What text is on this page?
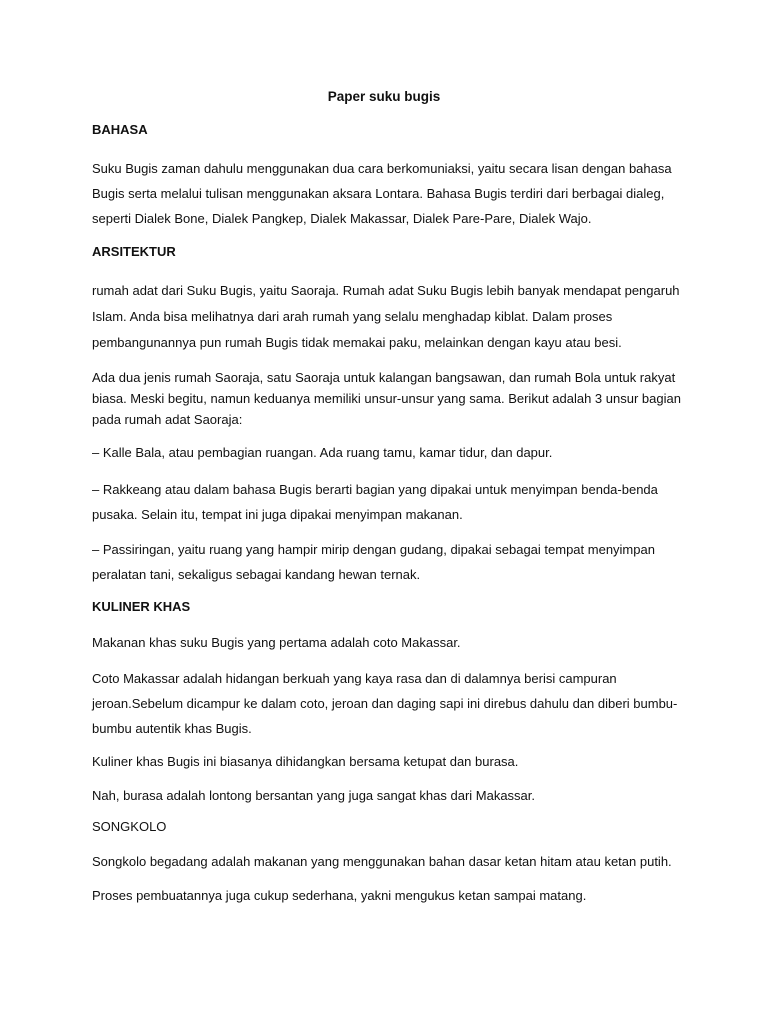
Paper suku bugis
BAHASA

Suku Bugis zaman dahulu menggunakan dua cara berkomuniaksi, yaitu secara lisan dengan bahasa Bugis serta melalui tulisan menggunakan aksara Lontara. Bahasa Bugis terdiri dari berbagai dialeg, seperti Dialek Bone, Dialek Pangkep, Dialek Makassar, Dialek Pare-Pare, Dialek Wajo.

ARSITEKTUR

rumah adat dari Suku Bugis, yaitu Saoraja. Rumah adat Suku Bugis lebih banyak mendapat pengaruh Islam. Anda bisa melihatnya dari arah rumah yang selalu menghadap kiblat. Dalam proses pembangunannya pun rumah Bugis tidak memakai paku, melainkan dengan kayu atau besi.

Ada dua jenis rumah Saoraja, satu Saoraja untuk kalangan bangsawan, dan rumah Bola untuk rakyat biasa. Meski begitu, namun keduanya memiliki unsur-unsur yang sama. Berikut adalah 3 unsur bagian pada rumah adat Saoraja:

– Kalle Bala, atau pembagian ruangan. Ada ruang tamu, kamar tidur, dan dapur.

– Rakkeang atau dalam bahasa Bugis berarti bagian yang dipakai untuk menyimpan benda-benda pusaka. Selain itu, tempat ini juga dipakai menyimpan makanan.

– Passiringan, yaitu ruang yang hampir mirip dengan gudang, dipakai sebagai tempat menyimpan peralatan tani, sekaligus sebagai kandang hewan ternak.

KULINER KHAS

Makanan khas suku Bugis yang pertama adalah coto Makassar.

Coto Makassar adalah hidangan berkuah yang kaya rasa dan di dalamnya berisi campuran jeroan.Sebelum dicampur ke dalam coto, jeroan dan daging sapi ini direbus dahulu dan diberi bumbu-bumbu autentik khas Bugis.

Kuliner khas Bugis ini biasanya dihidangkan bersama ketupat dan burasa.

Nah, burasa adalah lontong bersantan yang juga sangat khas dari Makassar.

SONGKOLO

Songkolo begadang adalah makanan yang menggunakan bahan dasar ketan hitam atau ketan putih.

Proses pembuatannya juga cukup sederhana, yakni mengukus ketan sampai matang.
